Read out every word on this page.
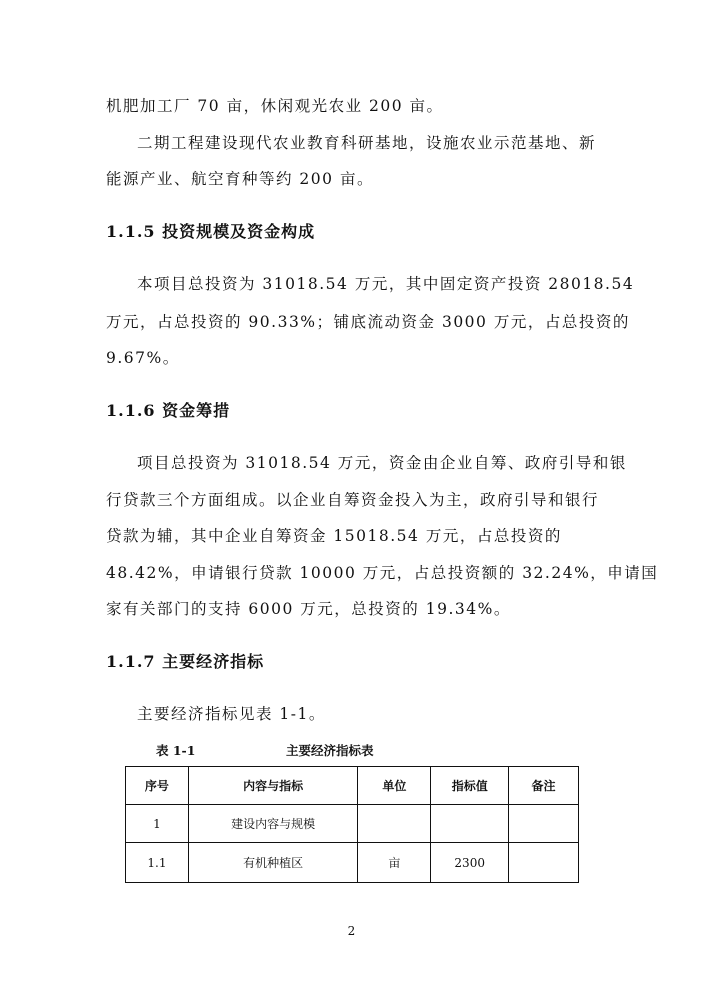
机肥加工厂 70 亩，休闲观光农业 200 亩。
二期工程建设现代农业教育科研基地，设施农业示范基地、新
能源产业、航空育种等约 200 亩。
1.1.5 投资规模及资金构成
本项目总投资为 31018.54 万元，其中固定资产投资 28018.54
万元，占总投资的 90.33%；铺底流动资金 3000 万元，占总投资的
9.67%。
1.1.6 资金筹措
项目总投资为 31018.54 万元，资金由企业自筹、政府引导和银
行贷款三个方面组成。以企业自筹资金投入为主，政府引导和银行
贷款为辅，其中企业自筹资金 15018.54 万元，占总投资的
48.42%，申请银行贷款 10000 万元，占总投资额的 32.24%，申请国
家有关部门的支持 6000 万元，总投资的 19.34%。
1.1.7 主要经济指标
主要经济指标见表 1-1。
表 1-1	主要经济指标表
序号	内容与指标	单位	指标值	备注
1	建设内容与规模			
1.1	有机种植区	亩	2300	
2
